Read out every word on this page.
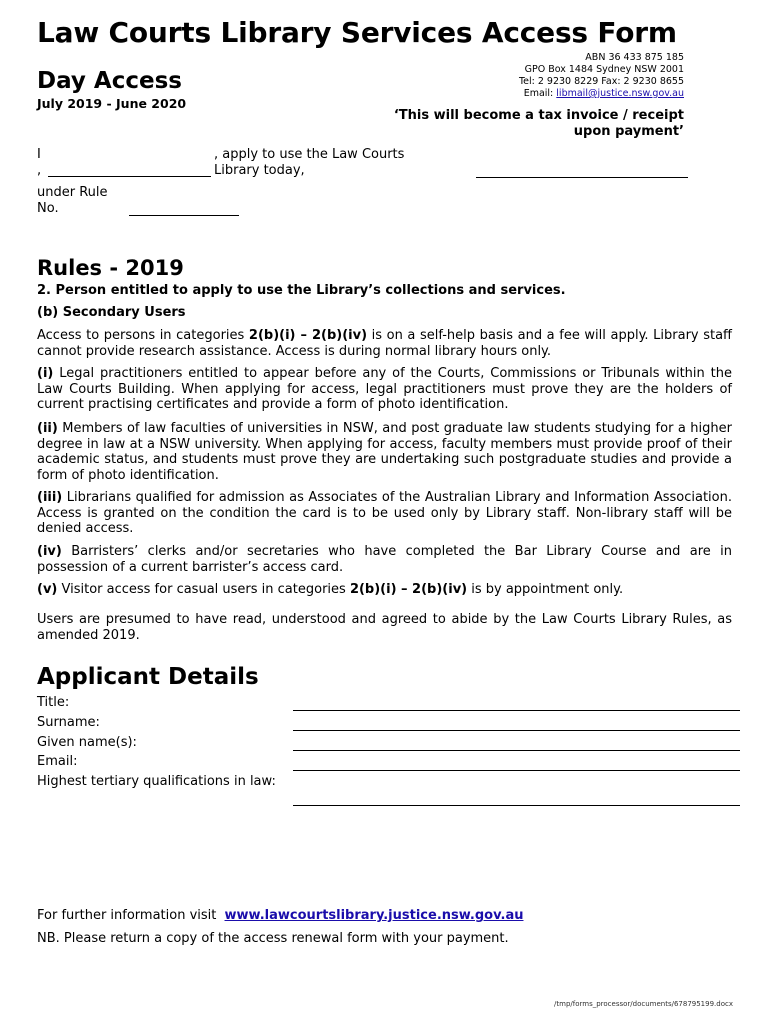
Law Courts Library Services Access Form
ABN 36 433 875 185
GPO Box 1484 Sydney NSW 2001
Tel: 2 9230 8229 Fax: 2 9230 8655
Email: libmail@justice.nsw.gov.au
Day Access
July 2019 - June 2020
‘This will become a tax invoice / receipt
upon payment’
I
,
, apply to use the Law Courts
Library today,
under Rule
No.
Rules - 2019
2. Person entitled to apply to use the Library’s collections and services.
(b) Secondary Users
Access to persons in categories 2(b)(i) – 2(b)(iv) is on a self-help basis and a fee will apply. Library staff cannot provide research assistance. Access is during normal library hours only.
(i) Legal practitioners entitled to appear before any of the Courts, Commissions or Tribunals within the Law Courts Building. When applying for access, legal practitioners must prove they are the holders of current practising certificates and provide a form of photo identification.
(ii) Members of law faculties of universities in NSW, and post graduate law students studying for a higher degree in law at a NSW university. When applying for access, faculty members must provide proof of their academic status, and students must prove they are undertaking such postgraduate studies and provide a form of photo identification.
(iii) Librarians qualified for admission as Associates of the Australian Library and Information Association. Access is granted on the condition the card is to be used only by Library staff. Non-library staff will be denied access.
(iv) Barristers’ clerks and/or secretaries who have completed the Bar Library Course and are in possession of a current barrister’s access card.
(v) Visitor access for casual users in categories 2(b)(i) – 2(b)(iv) is by appointment only.
Users are presumed to have read, understood and agreed to abide by the Law Courts Library Rules, as amended 2019.
Applicant Details
Title:
Surname:
Given name(s):
Email:
Highest tertiary qualifications in law:
For further information visit www.lawcourtslibrary.justice.nsw.gov.au
NB. Please return a copy of the access renewal form with your payment.
/tmp/forms_processor/documents/678795199.docx
